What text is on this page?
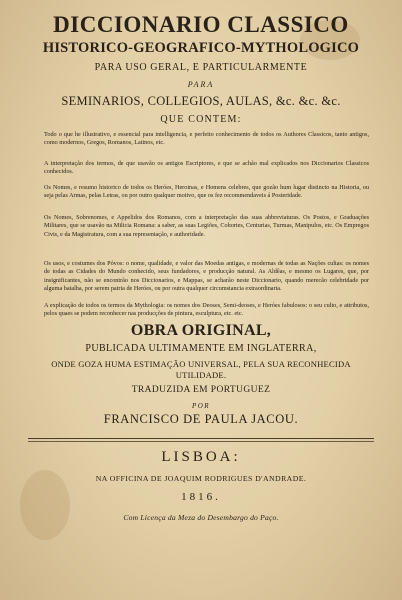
DICCIONARIO CLASSICO

HISTORICO-GEOGRAFICO-MYTHOLOGICO

PARA USO GERAL, E PARTICULARMENTE

PARA

SEMINARIOS, COLLEGIOS, AULAS, &c. &c. &c.

QUE CONTEM:

Todo o que he illustrativo, e essencial para intelligencia, e perfeito conhecimento de todos os Authores Classicos, tanto antigos, como modernos, Gregos, Romanos, Latinos, etc.

A interpretação dos termos, de que usavão os antigos Escriptores, e que se achão mal explicados nos Diccionarios Classicos conhecidos.

Os Nomes, e resumo historico de todos os Heróes, Heroinas, e Homens celebres, que gozão hum lugar distincto na Historia, ou seja pelas Armas, pelas Letras, ou por outro qualquer motivo, que os fez recommendaveis á Posteridade.

Os Nomes, Sobrenomes, e Appelidos dos Romanos, com a interpretação das suas abbreviaturas. Os Postos, e Graduações Militares, que se usavão na Milicia Romana: a saber, as suas Legiões, Cohortes, Centurias, Turmas, Manipulos, etc. Os Empregos Civis, e da Magistratura, com a sua representação, e authoridade.

Os usos, e costumes dos Póvos: o nome, qualidade, e valor das Moedas antigas, e modernas de todas as Nações cultas: os nomes de todas as Cidades do Mundo conhecido, seus fundadores, e producção natural. As Aldêas, e mesmo os Lugares, que, por insignificantes, não se encontrão nos Diccionarios, e Mappas, se acharão neste Diccionario, quando merecão celebridade por alguma batalha, por serem patria de Heróes, ou por outra qualquer circumstancia extraordinaria.

A explicação de todos os termos da Mythologia: os nomes dos Deoses, Semi-deoses, e Heróes fabulosos: o seu culto, e attributos, pelos quaes se podem reconhecer nas producções de pintura, esculptura, etc. etc.

OBRA ORIGINAL,

PUBLICADA ULTIMAMENTE EM INGLATERRA,

ONDE GOZA HUMA ESTIMAÇÃO UNIVERSAL, PELA SUA RECONHECIDA
UTILIDADE.

TRADUZIDA EM PORTUGUEZ

POR

FRANCISCO DE PAULA JACOU.

LISBOA:

NA OFFICINA DE JOAQUIM RODRIGUES D'ANDRADE.

1816.

Com Licença da Meza do Desembargo do Paço.
